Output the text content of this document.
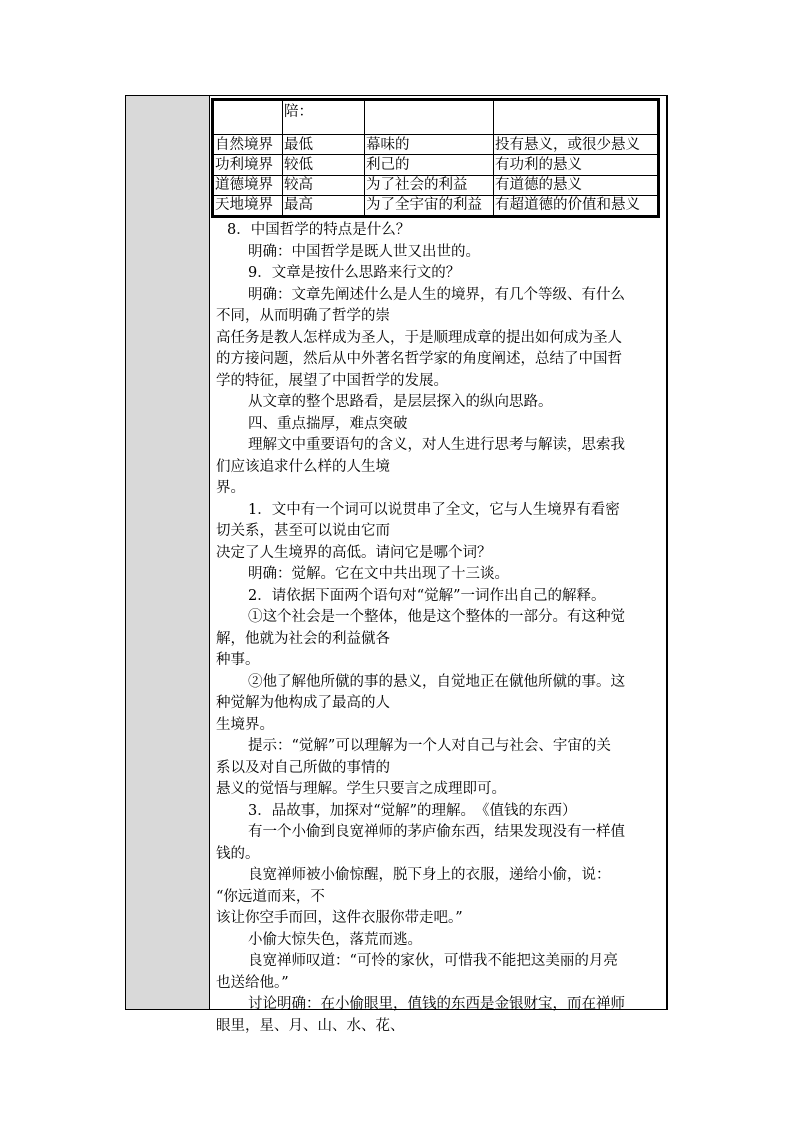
	陪：		
自然境界	最低	幕味的	投有悬义，或很少悬义
功利境界	较低	利己的	有功利的悬义
道德境界	较高	为了社会的利益	有道德的悬义
天地境界	最高	为了全宇宙的利益	有超道德的价值和悬义

8．中国哲学的特点是什么？

明确：中国哲学是既人世又出世的。

9．文章是按什么思路来行文的？

明确：文章先阐述什么是人生的境界，有几个等级、有什么

不同，从而明确了哲学的崇

高任务是教人怎样成为圣人，于是顺理成章的提出如何成为圣人

的方接问题，然后从中外著名哲学家的角度阐述，总结了中国哲

学的特征，展望了中国哲学的发展。

从文章的整个思路看，是层层探入的纵向思路。

四、重点揣厚，难点突破

理解文中重要语句的含义，对人生进行思考与解读，思索我

们应该追求什么样的人生境

界。

1．文中有一个词可以说贯串了全文，它与人生境界有看密

切关系，甚至可以说由它而

决定了人生境界的高低。请问它是哪个词？

明确：觉解。它在文中共出现了十三谈。

2．请依据下面两个语句对“觉解”一词作出自己的解释。

①这个社会是一个整体，他是这个整体的一部分。有这种觉

解，他就为社会的利益僦各

种事。

②他了解他所僦的事的悬义，自觉地正在僦他所僦的事。这

种觉解为他构成了最高的人

生境界。

提示：“觉解”可以理解为一个人对自己与社会、宇宙的关

系以及对自己所做的事情的

悬义的觉悟与理解。学生只要言之成理即可。

3．品故事，加探对“觉解”的理解。　《值钱的东西）

有一个小偷到良宽禅师的茅庐偷东西，结果发现没有一样值

钱的。

良宽禅师被小偷惊醒，脱下身上的衣服，递给小偷，说：

“你远道而来，不

该让你空手而回，这件衣服你带走吧。”

小偷大惊失色，落荒而逃。

良宽禅师叹道：“可怜的家伙，可惜我不能把这美丽的月亮

也送给他。”

讨论明确：在小偷眼里，值钱的东西是金银财宝，而在禅师

眼里，星、月、山、水、花、
